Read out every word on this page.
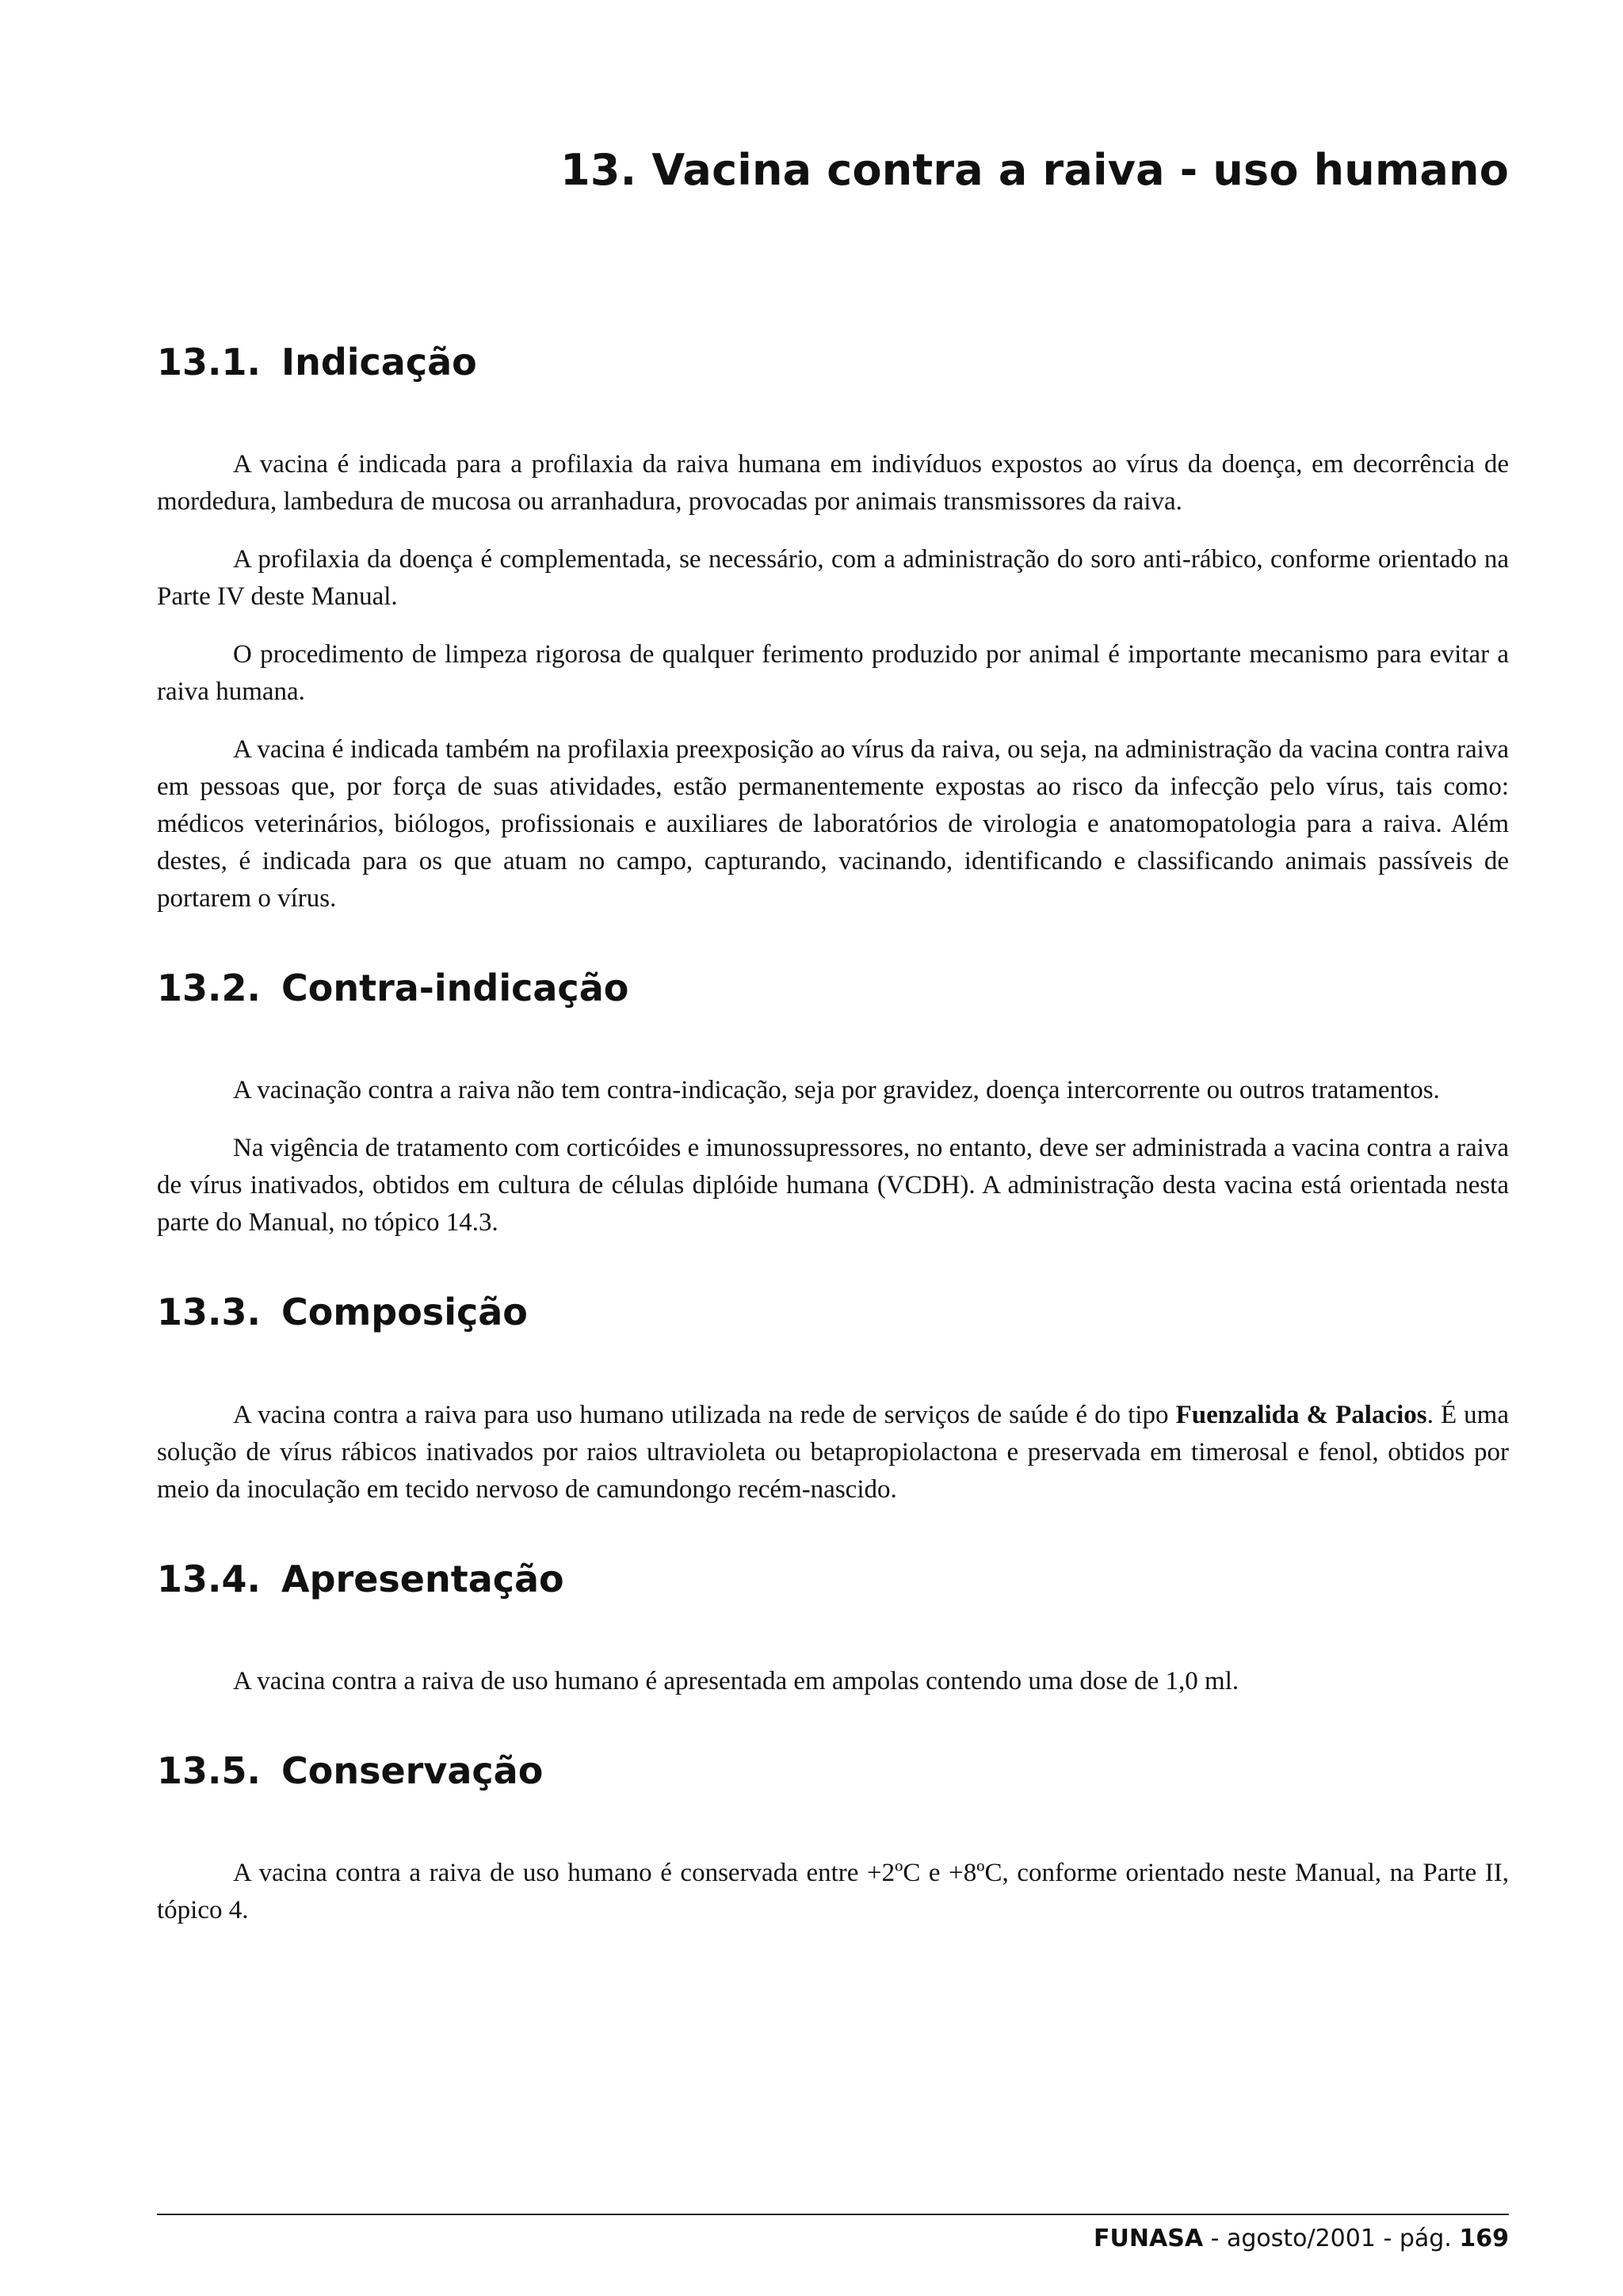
13. Vacina contra a raiva - uso humano
13.1. Indicação

A vacina é indicada para a profilaxia da raiva humana em indivíduos expostos ao vírus da doença, em decorrência de mordedura, lambedura de mucosa ou arranhadura, provocadas por animais transmissores da raiva.

A profilaxia da doença é complementada, se necessário, com a administração do soro anti-rábico, conforme orientado na Parte IV deste Manual.

O procedimento de limpeza rigorosa de qualquer ferimento produzido por animal é importante mecanismo para evitar a raiva humana.

A vacina é indicada também na profilaxia preexposição ao vírus da raiva, ou seja, na administração da vacina contra raiva em pessoas que, por força de suas atividades, estão permanentemente expostas ao risco da infecção pelo vírus, tais como: médicos veterinários, biólogos, profissionais e auxiliares de laboratórios de virologia e anatomopatologia para a raiva. Além destes, é indicada para os que atuam no campo, capturando, vacinando, identificando e classificando animais passíveis de portarem o vírus.

13.2. Contra-indicação

A vacinação contra a raiva não tem contra-indicação, seja por gravidez, doença intercorrente ou outros tratamentos.

Na vigência de tratamento com corticóides e imunossupressores, no entanto, deve ser administrada a vacina contra a raiva de vírus inativados, obtidos em cultura de células diplóide humana (VCDH). A administração desta vacina está orientada nesta parte do Manual, no tópico 14.3.

13.3. Composição

A vacina contra a raiva para uso humano utilizada na rede de serviços de saúde é do tipo Fuenzalida & Palacios. É uma solução de vírus rábicos inativados por raios ultravioleta ou betapropiolactona e preservada em timerosal e fenol, obtidos por meio da inoculação em tecido nervoso de camundongo recém-nascido.

13.4. Apresentação

A vacina contra a raiva de uso humano é apresentada em ampolas contendo uma dose de 1,0 ml.

13.5. Conservação

A vacina contra a raiva de uso humano é conservada entre +2ºC e +8ºC, conforme orientado neste Manual, na Parte II, tópico 4.

FUNASA - agosto/2001 - pág. 169
